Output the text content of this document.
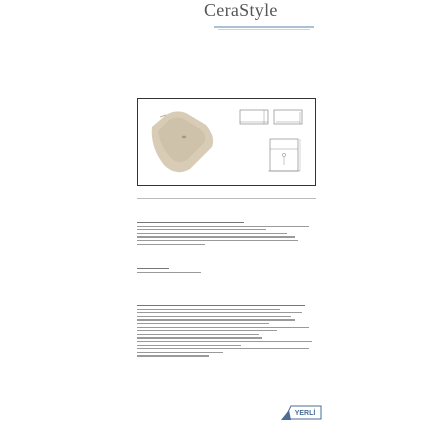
CeraStyle
YERLİ
